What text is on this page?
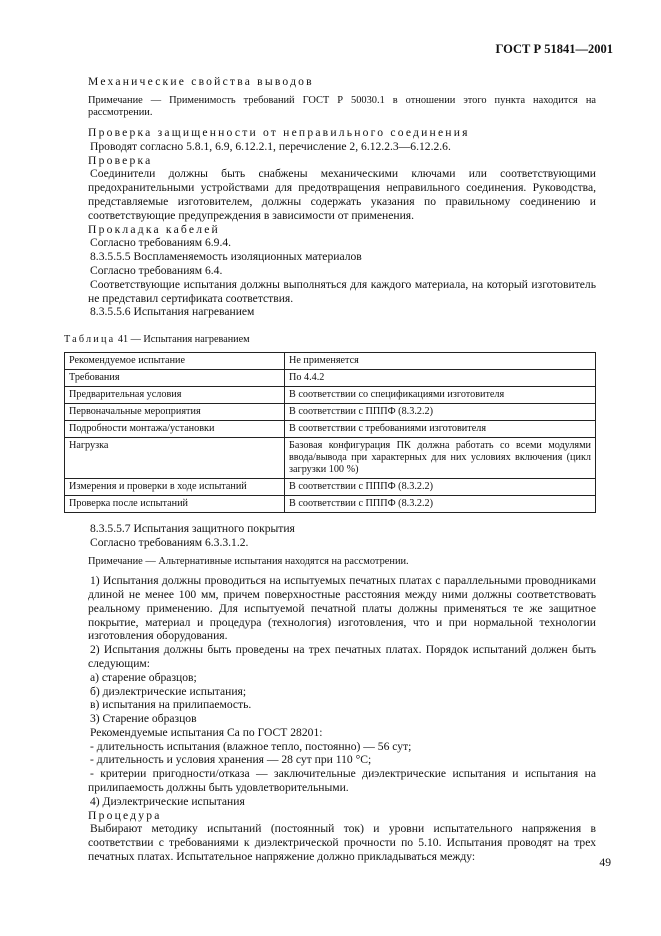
ГОСТ Р 51841—2001

Механические свойства выводов

Примечание — Применимость требований ГОСТ Р 50030.1 в отношении этого пункта находится на рассмотрении.

Проверка защищенности от неправильного соединения

Проводят согласно 5.8.1, 6.9, 6.12.2.1, перечисление 2, 6.12.2.3—6.12.2.6.

Проверка

Соединители должны быть снабжены механическими ключами или соответствующими предохранительными устройствами для предотвращения неправильного соединения. Руководства, представляемые изготовителем, должны содержать указания по правильному соединению и соответствующие предупреждения в зависимости от применения.

Прокладка кабелей

Согласно требованиям 6.9.4.

8.3.5.5.5 Воспламеняемость изоляционных материалов

Согласно требованиям 6.4.

Соответствующие испытания должны выполняться для каждого материала, на который изготовитель не представил сертификата соответствия.

8.3.5.5.6 Испытания нагреванием

Таблица 41 — Испытания нагреванием
Рекомендуемое испытание	Не применяется
Требования	По 4.4.2
Предварительная условия	В соответствии со спецификациями изготовителя
Первоначальные мероприятия	В соответствии с ПППФ (8.3.2.2)
Подробности монтажа/установки	В соответствии с требованиями изготовителя
Нагрузка	Базовая конфигурация ПК должна работать со всеми модулями ввода/вывода при характерных для них условиях включения (цикл загрузки 100 %)
Измерения и проверки в ходе испытаний	В соответствии с ПППФ (8.3.2.2)
Проверка после испытаний	В соответствии с ПППФ (8.3.2.2)

8.3.5.5.7 Испытания защитного покрытия

Согласно требованиям 6.3.3.1.2.

Примечание — Альтернативные испытания находятся на рассмотрении.

1) Испытания должны проводиться на испытуемых печатных платах с параллельными проводниками длиной не менее 100 мм, причем поверхностные расстояния между ними должны соответствовать реальному применению. Для испытуемой печатной платы должны применяться те же защитное покрытие, материал и процедура (технология) изготовления, что и при нормальной технологии изготовления оборудования.

2) Испытания должны быть проведены на трех печатных платах. Порядок испытаний должен быть следующим:

а) старение образцов;

б) диэлектрические испытания;

в) испытания на прилипаемость.

3) Старение образцов

Рекомендуемые испытания Са по ГОСТ 28201:

- длительность испытания (влажное тепло, постоянно) — 56 сут;

- длительность и условия хранения — 28 сут при 110 °С;

- критерии пригодности/отказа — заключительные диэлектрические испытания и испытания на прилипаемость должны быть удовлетворительными.

4) Диэлектрические испытания

Процедура

Выбирают методику испытаний (постоянный ток) и уровни испытательного напряжения в соответствии с требованиями к диэлектрической прочности по 5.10. Испытания проводят на трех печатных платах. Испытательное напряжение должно прикладываться между:	49
